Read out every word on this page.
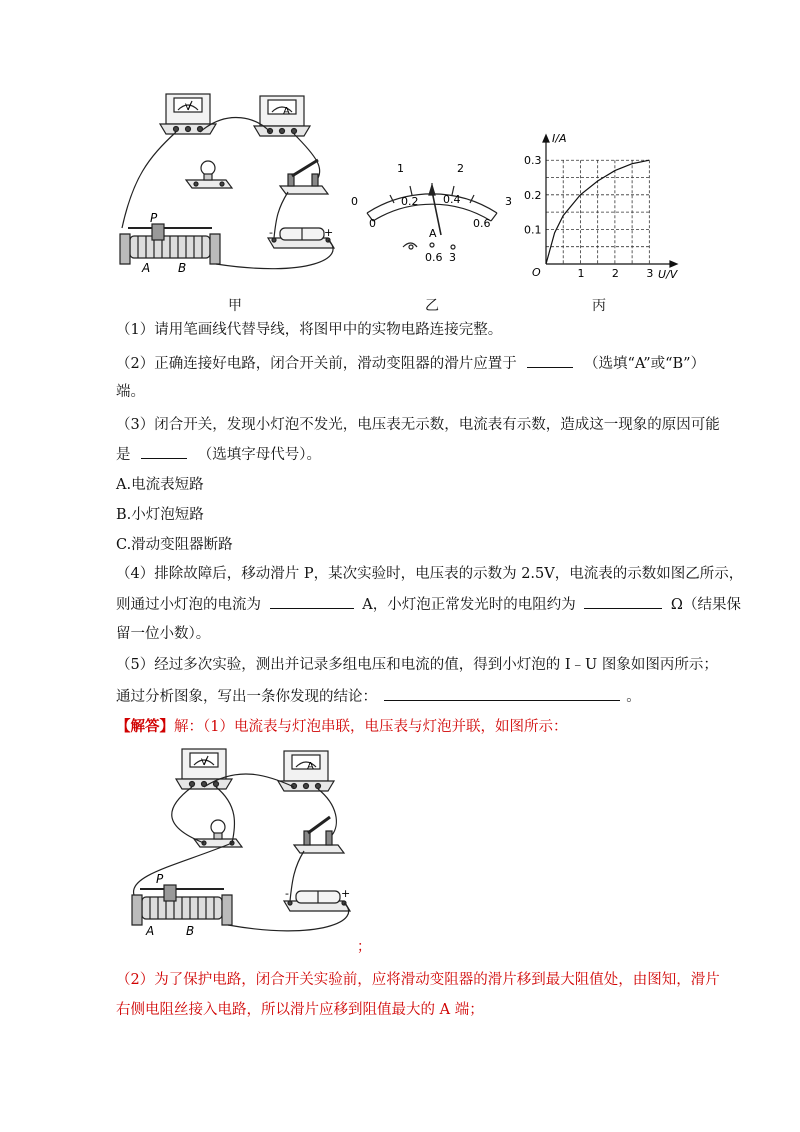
A
V
P
A B
-	+
甲
0
1	2
3
0
0.2 0.4
0.6
A
0.6 3
乙
I/A
U/V
O	1 2 3
0.1
0.2
0.3
丙
（1）请用笔画线代替导线，将图甲中的实物电路连接完整。
（2）正确连接好电路，闭合开关前，滑动变阻器的滑片应置于	（选填“A”或“B”）
端。
（3）闭合开关，发现小灯泡不发光，电压表无示数，电流表有示数，造成这一现象的原因可能
是	（选填字母代号）。
A.电流表短路
B.小灯泡短路
C.滑动变阻器断路
（4）排除故障后，移动滑片 P，某次实验时，电压表的示数为 2.5V，电流表的示数如图乙所示，
则通过小灯泡的电流为	A，小灯泡正常发光时的电阻约为	Ω（结果保
留一位小数）。
（5）经过多次实验，测出并记录多组电压和电流的值，得到小灯泡的 I﹣U 图象如图丙所示；
通过分析图象，写出一条你发现的结论：	。
【解答】解：（1）电流表与灯泡串联，电压表与灯泡并联，如图所示：
A
V
P
A	B
-	+
；
（2）为了保护电路，闭合开关实验前，应将滑动变阻器的滑片移到最大阻值处，由图知，滑片
右侧电阻丝接入电路，所以滑片应移到阻值最大的 A 端；
